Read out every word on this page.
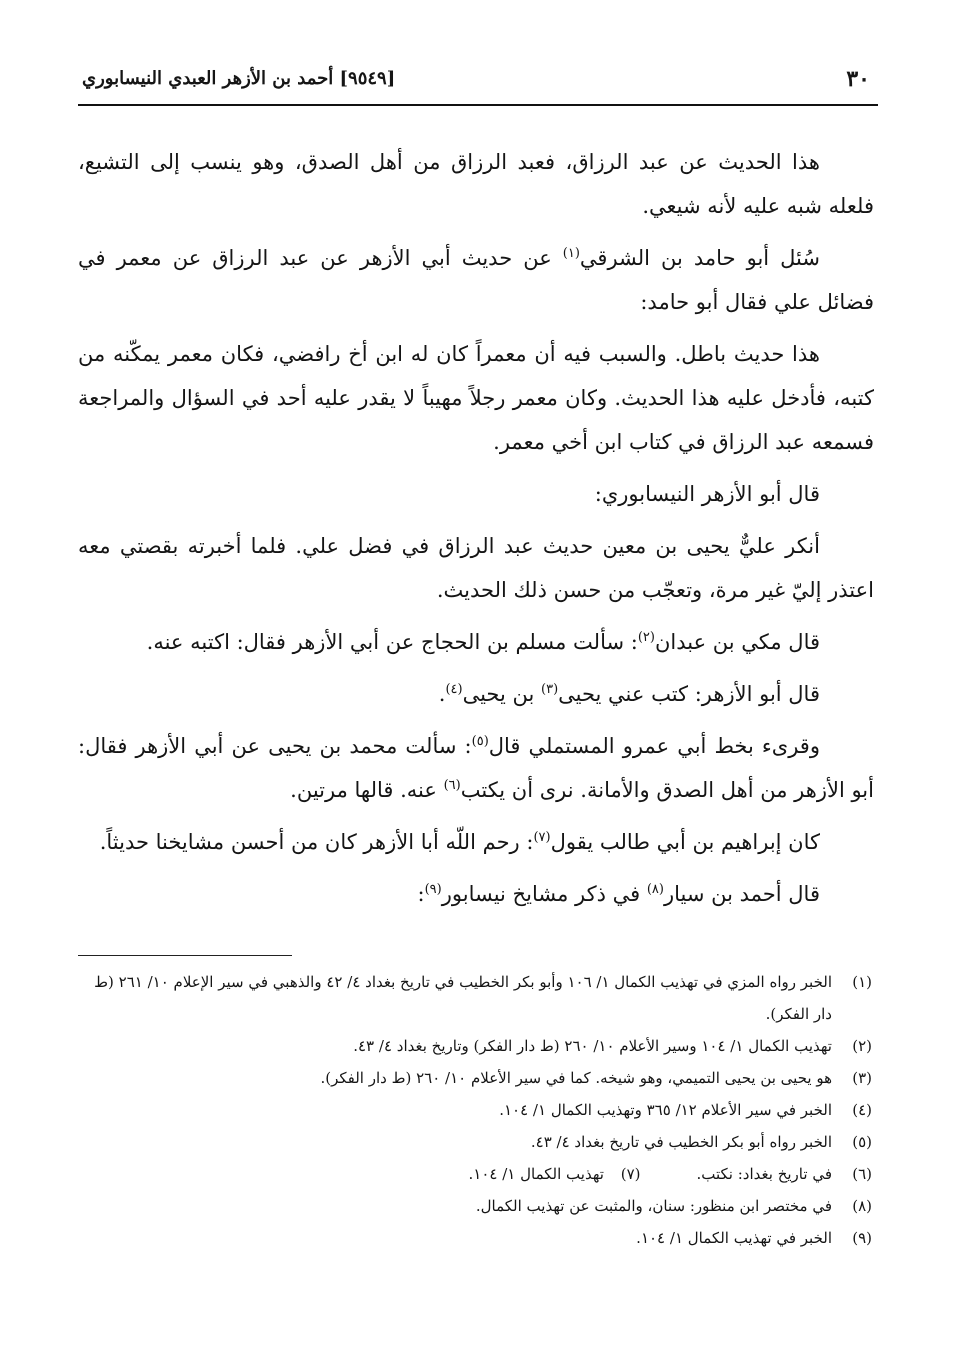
٣٠
[٩٥٤٩] أحمد بن الأزهر العبدي النيسابوري

هذا الحديث عن عبد الرزاق، فعبد الرزاق من أهل الصدق، وهو ينسب إلى التشيع، فلعله شبه عليه لأنه شيعي.

سُئل أبو حامد بن الشرقي$^{(١)}$ عن حديث أبي الأزهر عن عبد الرزاق عن معمر في فضائل علي فقال أبو حامد:

هذا حديث باطل. والسبب فيه أن معمراً كان له ابن أخ رافضي، فكان معمر يمكّنه من كتبه، فأدخل عليه هذا الحديث. وكان معمر رجلاً مهيباً لا يقدر عليه أحد في السؤال والمراجعة فسمعه عبد الرزاق في كتاب ابن أخي معمر.

قال أبو الأزهر النيسابوري:

أنكر عليٌّ يحيى بن معين حديث عبد الرزاق في فضل علي. فلما أخبرته بقصتي معه اعتذر إليّ غير مرة، وتعجّب من حسن ذلك الحديث.

قال مكي بن عبدان$^{(٢)}$: سألت مسلم بن الحجاج عن أبي الأزهر فقال: اكتبه عنه.

قال أبو الأزهر: كتب عني يحيى$^{(٣)}$ بن يحيى$^{(٤)}$.

وقرىء بخط أبي عمرو المستملي قال$^{(٥)}$: سألت محمد بن يحيى عن أبي الأزهر فقال: أبو الأزهر من أهل الصدق والأمانة. نرى أن يكتب$^{(٦)}$ عنه. قالها مرتين.

كان إبراهيم بن أبي طالب يقول$^{(٧)}$: رحم اللّه أبا الأزهر كان من أحسن مشايخنا حديثاً.

قال أحمد بن سيار$^{(٨)}$ في ذكر مشايخ نيسابور$^{(٩)}$:

(١)
الخبر رواه المزي في تهذيب الكمال ١/ ١٠٦ وأبو بكر الخطيب في تاريخ بغداد ٤/ ٤٢ والذهبي في سير الإعلام ١٠/ ٢٦١ (ط دار الفكر).
(٢)
تهذيب الكمال ١/ ١٠٤ وسير الأعلام ١٠/ ٢٦٠ (ط دار الفكر) وتاريخ بغداد ٤/ ٤٣.
(٣)
هو يحيى بن يحيى التميمي، وهو شيخه. كما في سير الأعلام ١٠/ ٢٦٠ (ط دار الفكر).
(٤)
الخبر في سير الأعلام ١٢/ ٣٦٥ وتهذيب الكمال ١/ ١٠٤.
(٥)
الخبر رواه أبو بكر الخطيب في تاريخ بغداد ٤/ ٤٣.
(٦)
في تاريخ بغداد: نكتب.
(٧) تهذيب الكمال ١/ ١٠٤.
(٨)
في مختصر ابن منظور: سنان، والمثبت عن تهذيب الكمال.
(٩)
الخبر في تهذيب الكمال ١/ ١٠٤.
